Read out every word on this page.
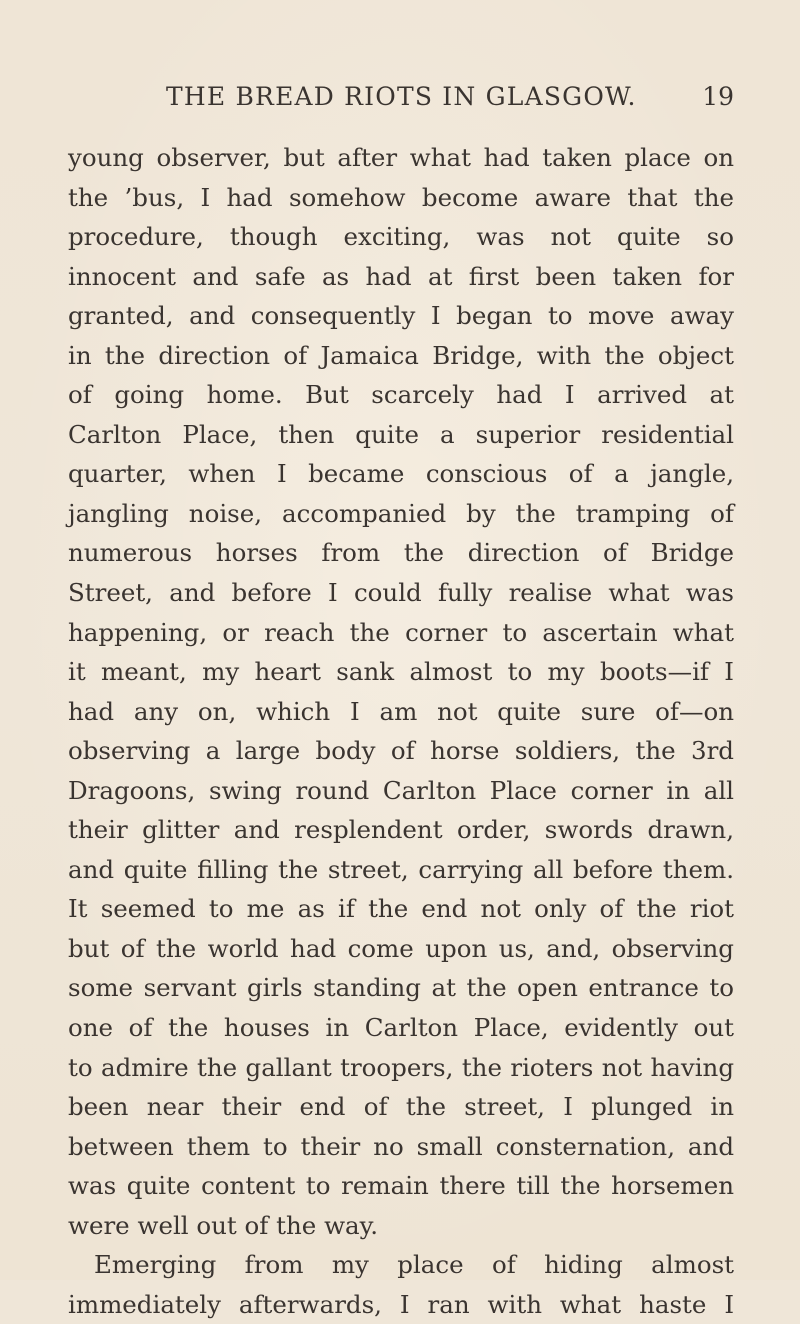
THE BREAD RIOTS IN GLASGOW.	19
young observer, but after what had taken place on
the ’bus, I had somehow become aware that the
procedure, though exciting, was not quite so
innocent and safe as had at first been taken for
granted, and consequently I began to move away
in the direction of Jamaica Bridge, with the object
of going home. But scarcely had I arrived at
Carlton Place, then quite a superior residential
quarter, when I became conscious of a jangle,
jangling noise, accompanied by the tramping of
numerous horses from the direction of Bridge
Street, and before I could fully realise what was
happening, or reach the corner to ascertain what
it meant, my heart sank almost to my boots—if I
had any on, which I am not quite sure of—on
observing a large body of horse soldiers, the 3rd
Dragoons, swing round Carlton Place corner in all
their glitter and resplendent order, swords drawn,
and quite filling the street, carrying all before them.
It seemed to me as if the end not only of the riot
but of the world had come upon us, and, observing
some servant girls standing at the open entrance to
one of the houses in Carlton Place, evidently out
to admire the gallant troopers, the rioters not having
been near their end of the street, I plunged in
between them to their no small consternation, and
was quite content to remain there till the horsemen
were well out of the way.
Emerging from my place of hiding almost
immediately afterwards, I ran with what haste I
